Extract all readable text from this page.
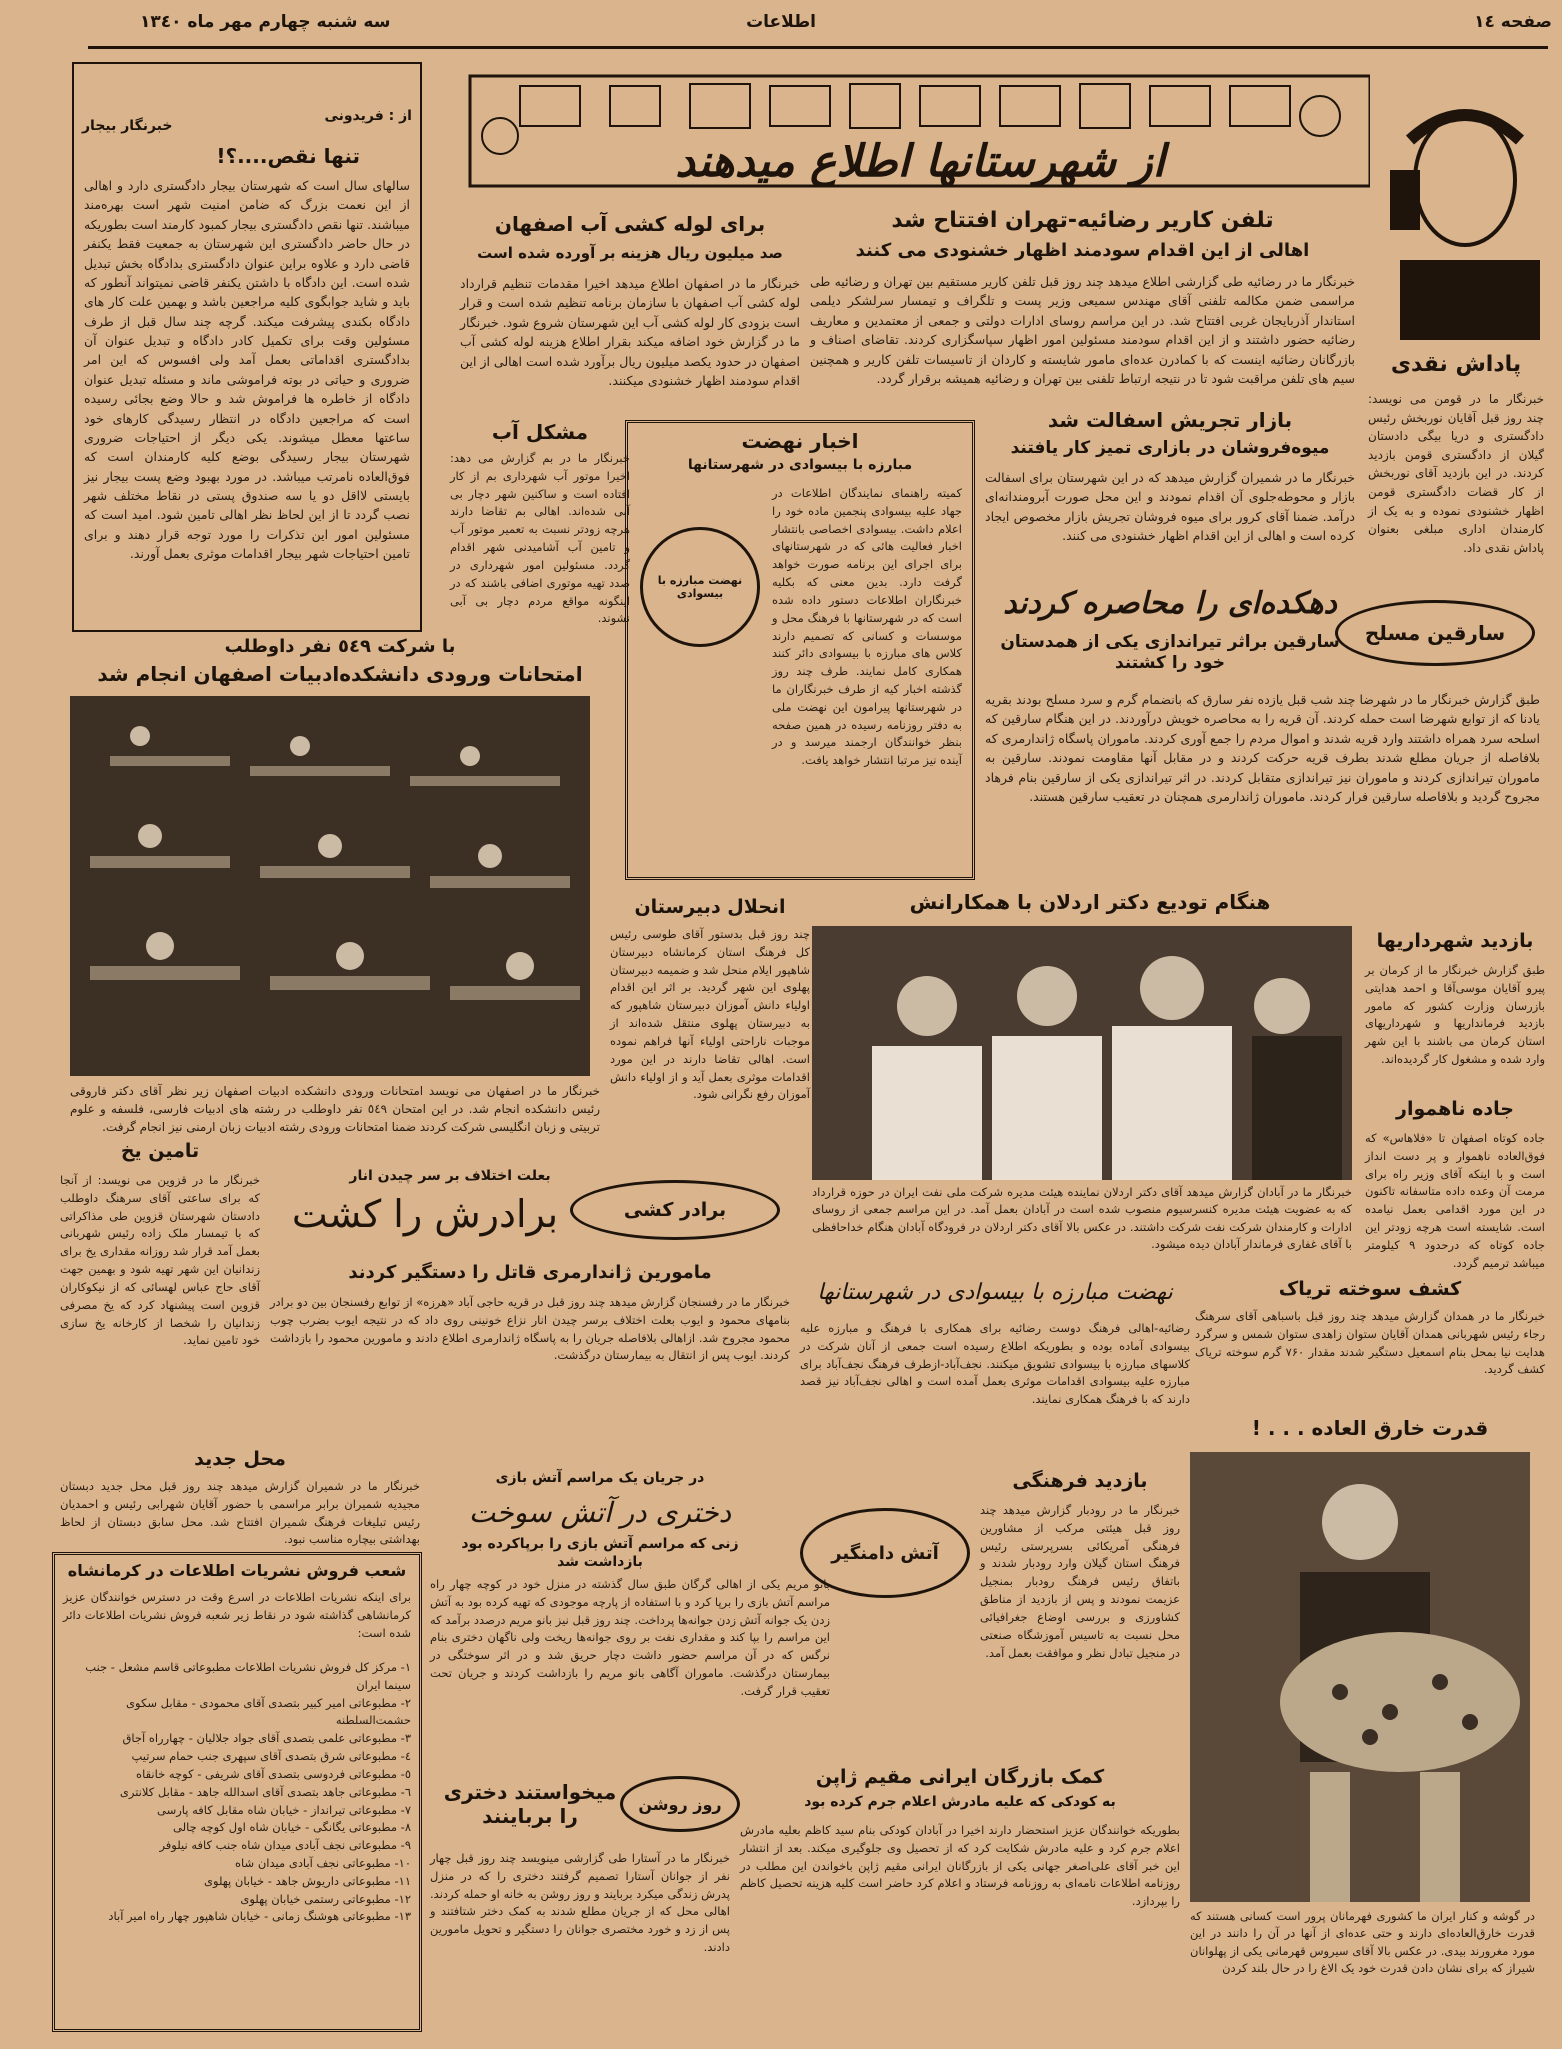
صفحه ١٤
اطلاعات
سه شنبه چهارم مهر ماه ١٣٤٠
از : فریدونی
خبرنگار بیجار
تنها نقص....؟!
سالهای سال است که شهرستان بیجار دادگستری دارد و اهالی از این نعمت بزرگ که ضامن امنیت شهر است بهره‌مند میباشند. تنها نقص دادگستری بیجار کمبود کارمند است بطوریکه در حال حاضر دادگستری این شهرستان به جمعیت فقط یکنفر قاضی دارد و علاوه براین عنوان دادگستری بدادگاه بخش تبدیل شده است. این دادگاه با داشتن یکنفر قاضی نمیتواند آنطور که باید و شاید جوابگوی کلیه مراجعین باشد و بهمین علت کار های دادگاه بکندی پیشرفت میکند. گرچه چند سال قبل از طرف مسئولین وقت برای تکمیل کادر دادگاه و تبدیل عنوان آن بدادگستری اقداماتی بعمل آمد ولی افسوس که این امر ضروری و حیاتی در بوته فراموشی ماند و مسئله تبدیل عنوان دادگاه از خاطره ها فراموش شد و حالا وضع بجائی رسیده است که مراجعین دادگاه در انتظار رسیدگی کارهای خود ساعتها معطل میشوند. یکی دیگر از احتیاجات ضروری شهرستان بیجار رسیدگی بوضع کلیه کارمندان است که فوق‌العاده نامرتب میباشد. در مورد بهبود وضع پست بیجار نیز بایستی لااقل دو یا سه صندوق پستی در نقاط مختلف شهر نصب گردد تا از این لحاظ نظر اهالی تامین شود. امید است که مسئولین امور این تذکرات را مورد توجه قرار دهند و برای تامین احتیاجات شهر بیجار اقدامات موثری بعمل آورند.
از شهرستانها اطلاع میدهند
پاداش نقدی
خبرنگار ما در قومن می نویسد: چند روز قبل آقایان نوربخش رئیس دادگستری و دریا بیگی دادستان گیلان از دادگستری قومن بازدید کردند. در این بازدید آقای نوربخش از کار قضات دادگستری قومن اظهار خشنودی نموده و به یک از کارمندان اداری مبلغی بعنوان پاداش نقدی داد.
تلفن کاریر رضائیه-تهران افتتاح شد
اهالی از این اقدام سودمند اظهار خشنودی می کنند
خبرنگار ما در رضائیه طی گزارشی اطلاع میدهد چند روز قبل تلفن کاریر مستقیم بین تهران و رضائیه طی مراسمی ضمن مکالمه تلفنی آقای مهندس سمیعی وزیر پست و تلگراف و تیمسار سرلشکر دیلمی استاندار آذربایجان غربی افتتاح شد. در این مراسم روسای ادارات دولتی و جمعی از معتمدین و معاریف رضائیه حضور داشتند و از این اقدام سودمند مسئولین امور اظهار سپاسگزاری کردند. تقاضای اصناف و بازرگانان رضائیه اینست که با کمادرن عده‌ای مامور شایسته و کاردان از تاسیسات تلفن کاریر و همچنین سیم های تلفن مراقبت شود تا در نتیجه ارتباط تلفنی بین تهران و رضائیه همیشه برقرار گردد.
برای لوله کشی آب اصفهان
صد میلیون ریال هزینه بر آورده شده است
خبرنگار ما در اصفهان اطلاع میدهد اخیرا مقدمات تنظیم قرارداد لوله کشی آب اصفهان با سازمان برنامه تنظیم شده است و قرار است بزودی کار لوله کشی آب این شهرستان شروع شود. خبرنگار ما در گزارش خود اضافه میکند بقرار اطلاع هزینه لوله کشی آب اصفهان در حدود یکصد میلیون ریال برآورد شده است اهالی از این اقدام سودمند اظهار خشنودی میکنند.
مشکل آب
خبرنگار ما در بم گزارش می دهد: اخیرا موتور آب شهرداری بم از کار افتاده است و ساکنین شهر دچار بی آبی شده‌اند. اهالی بم تقاضا دارند هرچه زودتر نسبت به تعمیر موتور آب و تامین آب آشامیدنی شهر اقدام گردد. مسئولین امور شهرداری در صدد تهیه موتوری اضافی باشند که در اینگونه مواقع مردم دچار بی آبی نشوند.
اخبار نهضت
مبارزه با بیسوادی در شهرستانها
نهضت مبارزه با بیسوادی
کمیته راهنمای نمایندگان اطلاعات در جهاد علیه بیسوادی پنجمین ماده خود را اعلام داشت. بیسوادی اخصاصی بانتشار اخبار فعالیت هائی که در شهرستانهای برای اجرای این برنامه صورت خواهد گرفت دارد. بدین معنی که بکلیه خبرنگاران اطلاعات دستور داده شده است که در شهرستانها با فرهنگ محل و موسسات و کسانی که تصمیم دارند کلاس های مبارزه با بیسوادی دائر کنند همکاری کامل نمایند. طرف چند روز گذشته اخبار کیه از طرف خبرنگاران ما در شهرستانها پیرامون این نهضت ملی به دفتر روزنامه رسیده در همین صفحه بنظر خوانندگان ارجمند میرسد و در آینده نیز مرتبا انتشار خواهد یافت.
بازار تجریش اسفالت شد
میوه‌فروشان در بازاری تمیز کار یافتند
خبرنگار ما در شمیران گزارش میدهد که در این شهرستان برای اسفالت بازار و محوطه‌جلوی آن اقدام نمودند و این محل صورت آبرومندانه‌ای درآمد. ضمنا آقای کرور برای میوه فروشان تجریش بازار مخصوص ایجاد کرده است و اهالی از این اقدام اظهار خشنودی می کنند.
دهکده‌ای را محاصره کردند
سارقین براثر تیراندازی یکی از همدستان خود را کشتند
سارقین مسلح
طبق گزارش خبرنگار ما در شهرضا چند شب قبل یازده نفر سارق که بانضمام گرم و سرد مسلح بودند بقریه یادنا که از توابع شهرضا است حمله کردند. آن قریه را به محاصره خویش درآوردند. در این هنگام سارقین که اسلحه سرد همراه داشتند وارد قریه شدند و اموال مردم را جمع آوری کردند. ماموران پاسگاه ژاندارمری که بلافاصله از جریان مطلع شدند بطرف قریه حرکت کردند و در مقابل آنها مقاومت نمودند. سارقین به ماموران تیراندازی کردند و ماموران نیز تیراندازی متقابل کردند. در اثر تیراندازی یکی از سارقین بنام فرهاد مجروح گردید و بلافاصله سارقین فرار کردند. ماموران ژاندارمری همچنان در تعقیب سارقین هستند.
با شرکت ٥٤٩ نفر داوطلب
امتحانات ورودی دانشکده‌ادبیات اصفهان انجام شد
خبرنگار ما در اصفهان می نویسد امتحانات ورودی دانشکده ادبیات اصفهان زیر نظر آقای دکتر فاروقی رئیس دانشکده انجام شد. در این امتحان ٥٤٩ نفر داوطلب در رشته های ادبیات فارسی، فلسفه و علوم تربیتی و زبان انگلیسی شرکت کردند ضمنا امتحانات ورودی رشته ادبیات زبان ارمنی نیز انجام گرفت.
انحلال دبیرستان
چند روز قبل بدستور آقای طوسی رئیس کل فرهنگ استان کرمانشاه دبیرستان شاهپور ایلام منحل شد و ضمیمه دبیرستان پهلوی این شهر گردید. بر اثر این اقدام اولیاء دانش آموزان دبیرستان شاهپور که به دبیرستان پهلوی منتقل شده‌اند از موجبات ناراحتی اولیاء آنها فراهم نموده است. اهالی تقاضا دارند در این مورد اقدامات موثری بعمل آید و از اولیاء دانش آموزان رفع نگرانی شود.
هنگام تودیع دکتر اردلان با همکارانش
خبرنگار ما در آبادان گزارش میدهد آقای دکتر اردلان نماینده هیئت مدیره شرکت ملی نفت ایران در حوزه قرارداد که به عضویت هیئت مدیره کنسرسیوم منصوب شده است در آبادان بعمل آمد. در این مراسم جمعی از روسای ادارات و کارمندان شرکت نفت شرکت داشتند. در عکس بالا آقای دکتر اردلان در فرودگاه آبادان هنگام خداحافظی با آقای غفاری فرماندار آبادان دیده میشود.
بازدید شهرداریها
طبق گزارش خبرنگار ما از کرمان بر پیرو آقایان موسی‌آقا و احمد هدایتی بازرسان وزارت کشور که مامور بازدید فرمانداریها و شهرداریهای استان کرمان می باشند با این شهر وارد شده و مشغول کار گردیده‌اند.
جاده ناهموار
جاده کوتاه اصفهان تا «فلاهاس» که فوق‌العاده ناهموار و پر دست انداز است و با اینکه آقای وزیر راه برای مرمت آن وعده داده متاسفانه تاکنون در این مورد اقدامی بعمل نیامده است. شایسته است هرچه زودتر این جاده کوتاه که درحدود ۹ کیلومتر میباشد ترمیم گردد.
تامین یخ
خبرنگار ما در قزوین می نویسد: از آنجا که برای ساعتی آقای سرهنگ داوطلب دادستان شهرستان قزوین طی مذاکراتی که با تیمسار ملک زاده رئیس شهربانی بعمل آمد قرار شد روزانه مقداری یخ برای زندانیان این شهر تهیه شود و بهمین جهت آقای حاج عباس لهسائی که از نیکوکاران قزوین است پیشنهاد کرد که یخ مصرفی زندانیان را شخصا از کارخانه یخ سازی خود تامین نماید.
بعلت اختلاف بر سر چیدن انار
برادرش را کشت	برادر کشی
مامورین ژاندارمری قاتل را دستگیر کردند
خبرنگار ما در رفسنجان گزارش میدهد چند روز قبل در قریه حاجی آباد «هرزه» از توابع رفسنجان بین دو برادر بنامهای محمود و ایوب بعلت اختلاف برسر چیدن انار نزاع خونینی روی داد که در نتیجه ایوب بضرب چوب محمود مجروح شد. ازاهالی بلافاصله جریان را به پاسگاه ژاندارمری اطلاع دادند و مامورین محمود را بازداشت کردند. ایوب پس از انتقال به بیمارستان درگذشت.
نهضت مبارزه با بیسوادی در شهرستانها
رضائیه-اهالی فرهنگ دوست رضائیه برای همکاری با فرهنگ و مبارزه علیه بیسوادی آماده بوده و بطوریکه اطلاع رسیده است جمعی از آنان شرکت در کلاسهای مبارزه با بیسوادی تشویق میکنند. نجف‌آباد-ازطرف فرهنگ نجف‌آباد برای مبارزه علیه بیسوادی اقدامات موثری بعمل آمده است و اهالی نجف‌آباد نیز قصد دارند که با فرهنگ همکاری نمایند.
کشف سوخته تریاک
خبرنگار ما در همدان گزارش میدهد چند روز قبل باسباهی آقای سرهنگ رجاء رئیس شهربانی همدان آقایان ستوان زاهدی ستوان شمس و سرگرد هدایت نیا بمحل بنام اسمعیل دستگیر شدند مقدار ۷۶۰ گرم سوخته تریاک کشف گردید.
محل جدید
خبرنگار ما در شمیران گزارش میدهد چند روز قبل محل جدید دبستان مجیدیه شمیران برابر مراسمی با حضور آقایان شهرابی رئیس و احمدیان رئیس تبلیغات فرهنگ شمیران افتتاح شد. محل سابق دبستان از لحاظ بهداشتی بیچاره مناسب نبود.
در جریان یک مراسم آتش بازی
دختری در آتش سوخت
زنی که مراسم آتش بازی را برپاکرده بود بازداشت شد
بانو مریم یکی از اهالی گرگان طبق سال گذشته در منزل خود در کوچه چهار راه مراسم آتش بازی را برپا کرد و با استفاده از پارچه موجودی که تهیه کرده بود به آتش زدن یک جوانه آتش زدن جوانه‌ها پرداخت. چند روز قبل نیز بانو مریم درصدد برآمد که این مراسم را بپا کند و مقداری نفت بر روی جوانه‌ها ریخت ولی ناگهان دختری بنام نرگس که در آن مراسم حضور داشت دچار حریق شد و در اثر سوختگی در بیمارستان درگذشت. ماموران آگاهی بانو مریم را بازداشت کردند و جریان تحت تعقیب قرار گرفت.
آتش دامنگیر
بازدید فرهنگی
خبرنگار ما در رودبار گزارش میدهد چند روز قبل هیئتی مرکب از مشاورین فرهنگی آمریکائی بسرپرستی رئیس فرهنگ استان گیلان وارد رودبار شدند و باتفاق رئیس فرهنگ رودبار بمنجیل عزیمت نمودند و پس از بازدید از مناطق کشاورزی و بررسی اوضاع جغرافیائی محل نسبت به تاسیس آموزشگاه صنعتی در منجیل تبادل نظر و موافقت بعمل آمد.
قدرت خارق العاده . . . !
در گوشه و کنار ایران ما کشوری فهرمانان پرور است کسانی هستند که قدرت خارق‌العاده‌ای دارند و حتی عده‌ای از آنها در آن را دانند در این مورد مغرورند بیدی. در عکس بالا آقای سیروس قهرمانی یکی از پهلوانان شیراز که برای نشان دادن قدرت خود یک الاغ را در حال بلند کردن
شعب فروش نشریات اطلاعات در کرمانشاه
برای اینکه نشریات اطلاعات در اسرع وقت در دسترس خوانندگان عزیز کرمانشاهی گذاشته شود در نقاط زیر شعبه فروش نشریات اطلاعات دائر شده است:
١- مرکز کل فروش نشریات اطلاعات مطبوعاتی قاسم مشعل - جنب سینما ایران
٢- مطبوعاتی امیر کبیر بتصدی آقای محمودی - مقابل سکوی حشمت‌السلطنه
٣- مطبوعاتی علمی بتصدی آقای جواد جلالیان - چهارراه آجاق
٤- مطبوعاتی شرق بتصدی آقای سپهری جنب حمام سرتیپ
٥- مطبوعاتی فردوسی بتصدی آقای شریفی - کوچه خانقاه
٦- مطبوعاتی جاهد بتصدی آقای اسدالله جاهد - مقابل کلانتری
٧- مطبوعاتی تیرانداز - خیابان شاه مقابل کافه پارسی
٨- مطبوعاتی یگانگی - خیابان شاه اول کوچه چالی
٩- مطبوعاتی نجف آبادی میدان شاه جنب کافه نیلوفر
١٠- مطبوعاتی نجف آبادی میدان شاه
١١- مطبوعاتی داریوش جاهد - خیابان پهلوی
١٢- مطبوعاتی رستمی خیابان پهلوی
١٣- مطبوعاتی هوشنگ زمانی - خیابان شاهپور چهار راه امیر آباد
کمک بازرگان ایرانی مقیم ژاپن
به کودکی که علیه مادرش اعلام جرم کرده بود
بطوریکه خوانندگان عزیز استحضار دارند اخیرا در آبادان کودکی بنام سید کاظم بعلیه مادرش اعلام جرم کرد و علیه مادرش شکایت کرد که از تحصیل وی جلوگیری میکند. بعد از انتشار این خبر آقای علی‌اصغر جهانی یکی از بازرگانان ایرانی مقیم ژاپن باخواندن این مطلب در روزنامه اطلاعات نامه‌ای به روزنامه فرستاد و اعلام کرد حاضر است کلیه هزینه تحصیل کاظم را بپردازد.
روز روشن
میخواستند دختری را برباینند
خبرنگار ما در آستارا طی گزارشی مینویسد چند روز قبل چهار نفر از جوانان آستارا تصمیم گرفتند دختری را که در منزل پدرش زندگی میکرد بربایند و روز روشن به خانه او حمله کردند. اهالی محل که از جریان مطلع شدند به کمک دختر شتافتند و پس از زد و خورد مختصری جوانان را دستگیر و تحویل مامورین دادند.
